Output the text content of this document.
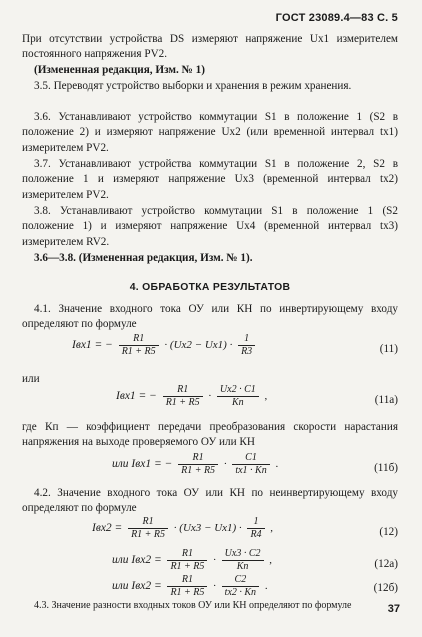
ГОСТ 23089.4—83 С. 5
При отсутствии устройства DS измеряют напряжение Uх1 измерителем постоянного напряжения PV2.
(Измененная редакция, Изм. № 1)
3.5. Переводят устройство выборки и хранения в режим хранения.
3.6. Устанавливают устройство коммутации S1 в положение 1 (S2 в положение 2) и измеряют напряжение Uх2 (или временной интервал tх1) измерителем PV2.
3.7. Устанавливают устройства коммутации S1 в положение 2, S2 в положение 1 и измеряют напряжение Uх3 (временной интервал tх2) измерителем PV2.
3.8. Устанавливают устройство коммутации S1 в положение 1 (S2 положение 1) и измеряют напряжение Uх4 (временной интервал tх3) измерителем RV2.
3.6—3.8. (Измененная редакция, Изм. № 1).
4. ОБРАБОТКА РЕЗУЛЬТАТОВ
4.1. Значение входного тока ОУ или КН по инвертирующему входу определяют по формуле
Iвх1 = − $\frac{R1}{R1 + R5} \cdot (Uх2 - Uх1) \cdot \frac{1}{R3}$	(11)
или
Iвх1 = − $\frac{R1}{R1 + R5} \cdot \frac{Uх2 \cdot C1}{Kп}$ ,	(11а)
где Кп — коэффициент передачи преобразования скорости нарастания напряжения на выходе проверяемого ОУ или КН
или Iвх1 = − $\frac{R1}{R1 + R5} \cdot \frac{C1}{tх1 \cdot Kп}$ .	(11б)
4.2. Значение входного тока ОУ или КН по неинвертирующему входу определяют по формуле
$Iвх2 = \frac{R1}{R1 + R5} \cdot (Uх3 - Uх1) \cdot \frac{1}{R4}$ ,	(12)
или $Iвх2 = \frac{R1}{R1 + R5} \cdot \frac{Uх3 \cdot C2}{Kп}$ ,	(12а)
или $Iвх2 = \frac{R1}{R1 + R5} \cdot \frac{C2}{tх2 \cdot Kп}$ .	(12б)
4.3. Значение разности входных токов ОУ или КН определяют по формуле	37
